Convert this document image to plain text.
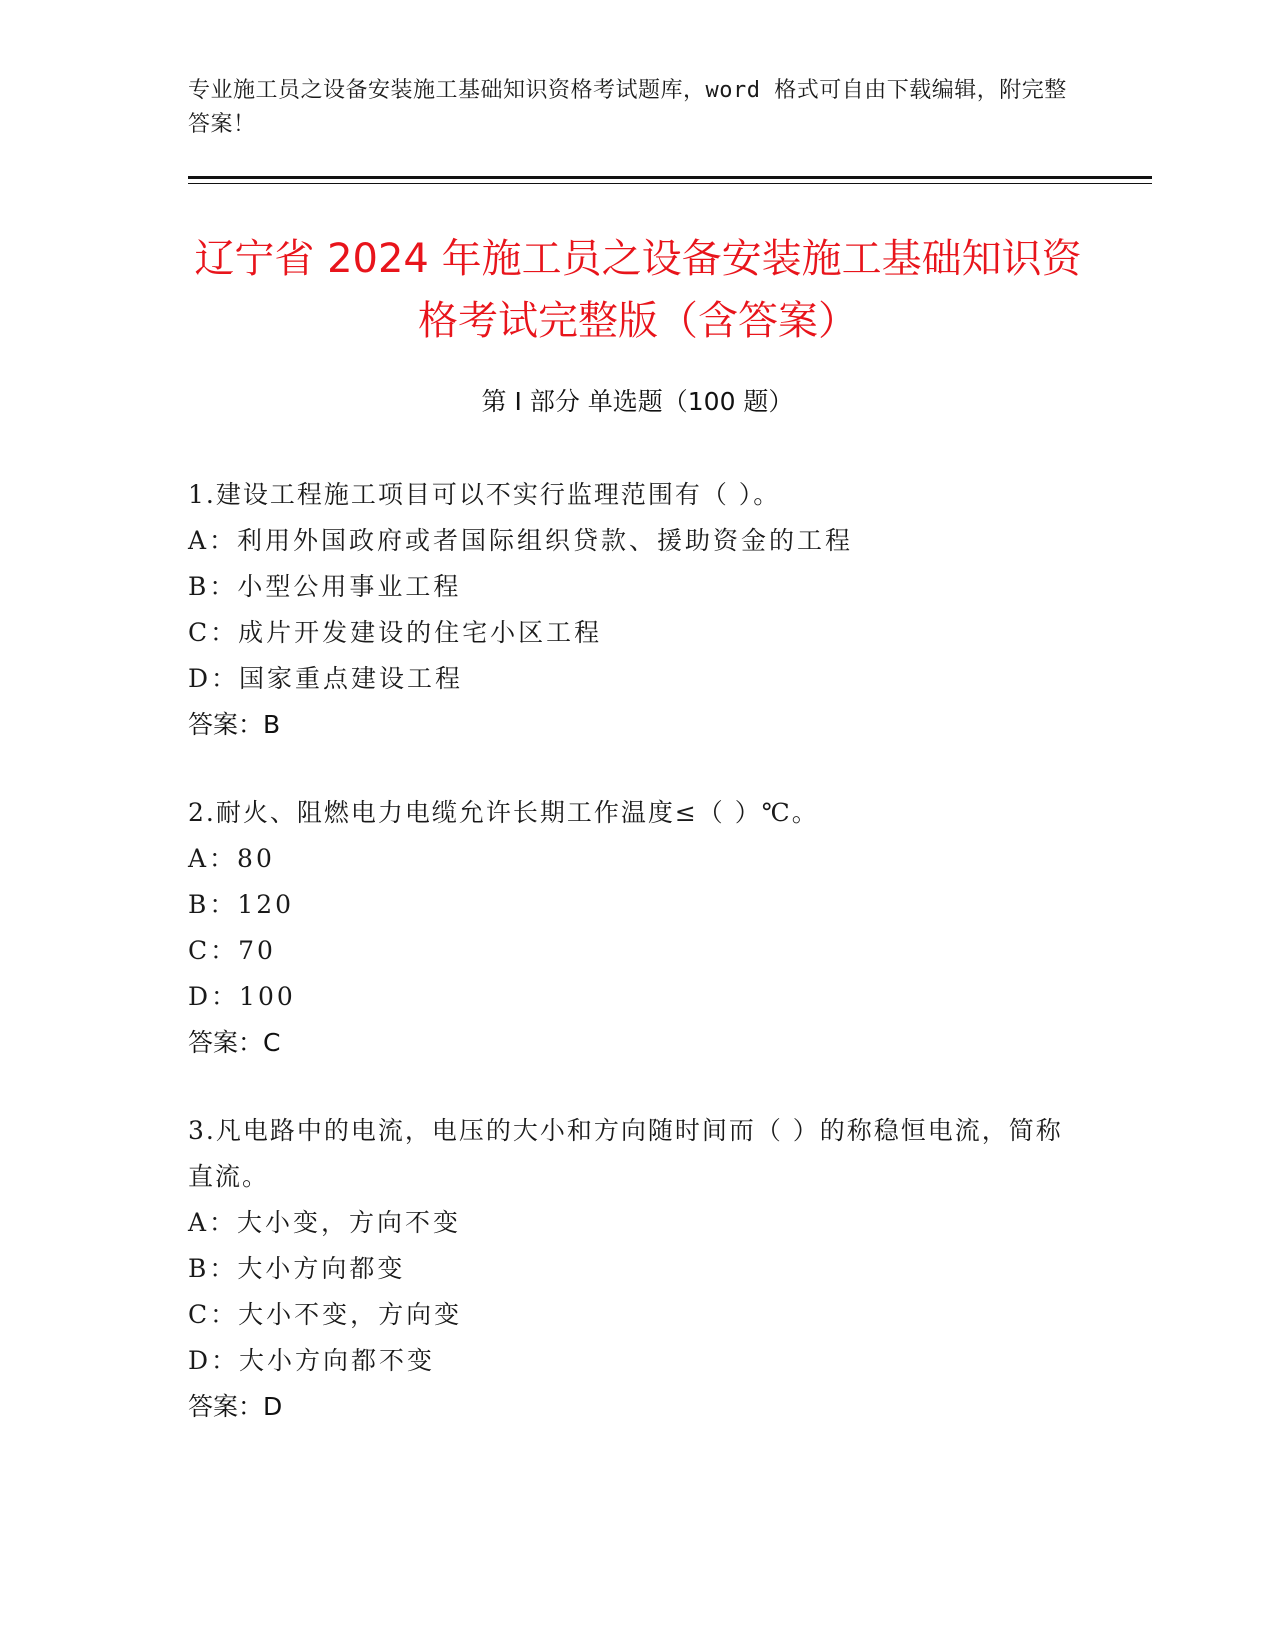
专业施工员之设备安装施工基础知识资格考试题库，word 格式可自由下载编辑，附完整答案！
辽宁省 2024 年施工员之设备安装施工基础知识资格考试完整版（含答案）
第 I 部分 单选题（100 题）
1.建设工程施工项目可以不实行监理范围有（ ）。
A：利用外国政府或者国际组织贷款、援助资金的工程
B：小型公用事业工程
C：成片开发建设的住宅小区工程
D：国家重点建设工程
答案：B
2.耐火、阻燃电力电缆允许长期工作温度≤（ ）℃。
A：80
B：120
C：70
D：100
答案：C
3.凡电路中的电流，电压的大小和方向随时间而（ ）的称稳恒电流，简称直流。
A：大小变，方向不变
B：大小方向都变
C：大小不变，方向变
D：大小方向都不变
答案：D
